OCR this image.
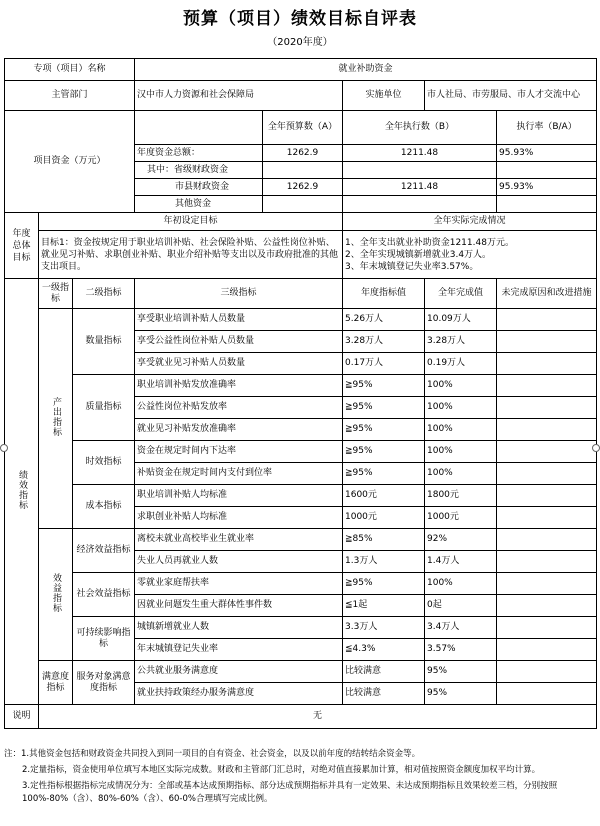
预算（项目）绩效目标自评表
（2020年度）
专项（项目）名称			就业补助资金				
主管部门			汉中市人力资源和社会保障局		实施单位	市人社局、市劳服局、市人才交流中心	
项目资金（万元）				全年预算数（A）	全年执行数（B）		执行率（B/A）
			年度资金总额：	1262.9	1211.48		95.93%
			其中：省级财政资金				
			市县财政资金	1262.9	1211.48		95.93%
			其他资金				

年度总体目标	年初设定目标				全年实际完成情况		
	目标1：资金按规定用于职业培训补贴、社会保险补贴、公益性岗位补贴、就业见习补贴、求职创业补贴、职业介绍补贴等支出以及市政府批准的其他支出项目。				1、全年支出就业补助资金1211.48万元。
2、全年实现城镇新增就业3.4万人。
3、年末城镇登记失业率3.57%。		

绩效指标	一级指标	二级指标	三级指标		年度指标值	全年完成值	未完成原因和改进措施
	产出指标	数量指标	享受职业培训补贴人员数量		5.26万人	10.09万人	
			享受公益性岗位补贴人员数量		3.28万人	3.28万人	
			享受就业见习补贴人员数量		0.17万人	0.19万人	
		质量指标	职业培训补贴发放准确率		≧95%	100%	
			公益性岗位补贴发放率		≧95%	100%	
			就业见习补贴发放准确率		≧95%	100%	
		时效指标	资金在规定时间内下达率		≧95%	100%	
			补贴资金在规定时间内支付到位率		≧95%	100%	
		成本指标	职业培训补贴人均标准		1600元	1800元	
			求职创业补贴人均标准		1000元	1000元	
	效益指标	经济效益指标	离校未就业高校毕业生就业率		≧85%	92%	
			失业人员再就业人数		1.3万人	1.4万人	
		社会效益指标	零就业家庭帮扶率		≧95%	100%	
			因就业问题发生重大群体性事件数		≦1起	0起	
		可持续影响指标	城镇新增就业人数		3.3万人	3.4万人	
			年末城镇登记失业率		≦4.3%	3.57%	
	满意度指标	服务对象满意度指标	公共就业服务满意度		比较满意	95%	
			就业扶持政策经办服务满意度		比较满意	95%	
说明	无						

注：1.其他资金包括和财政资金共同投入到同一项目的自有资金、社会资金，以及以前年度的结转结余资金等。

2.定量指标，资金使用单位填写本地区实际完成数。财政和主管部门汇总时，对绝对值直接累加计算，相对值按照资金额度加权平均计算。

3.定性指标根据指标完成情况分为：全部或基本达成预期指标、部分达成预期指标并具有一定效果、未达成预期指标且效果较差三档，分别按照100%-80%（含）、80%-60%（含）、60-0%合理填写完成比例。
